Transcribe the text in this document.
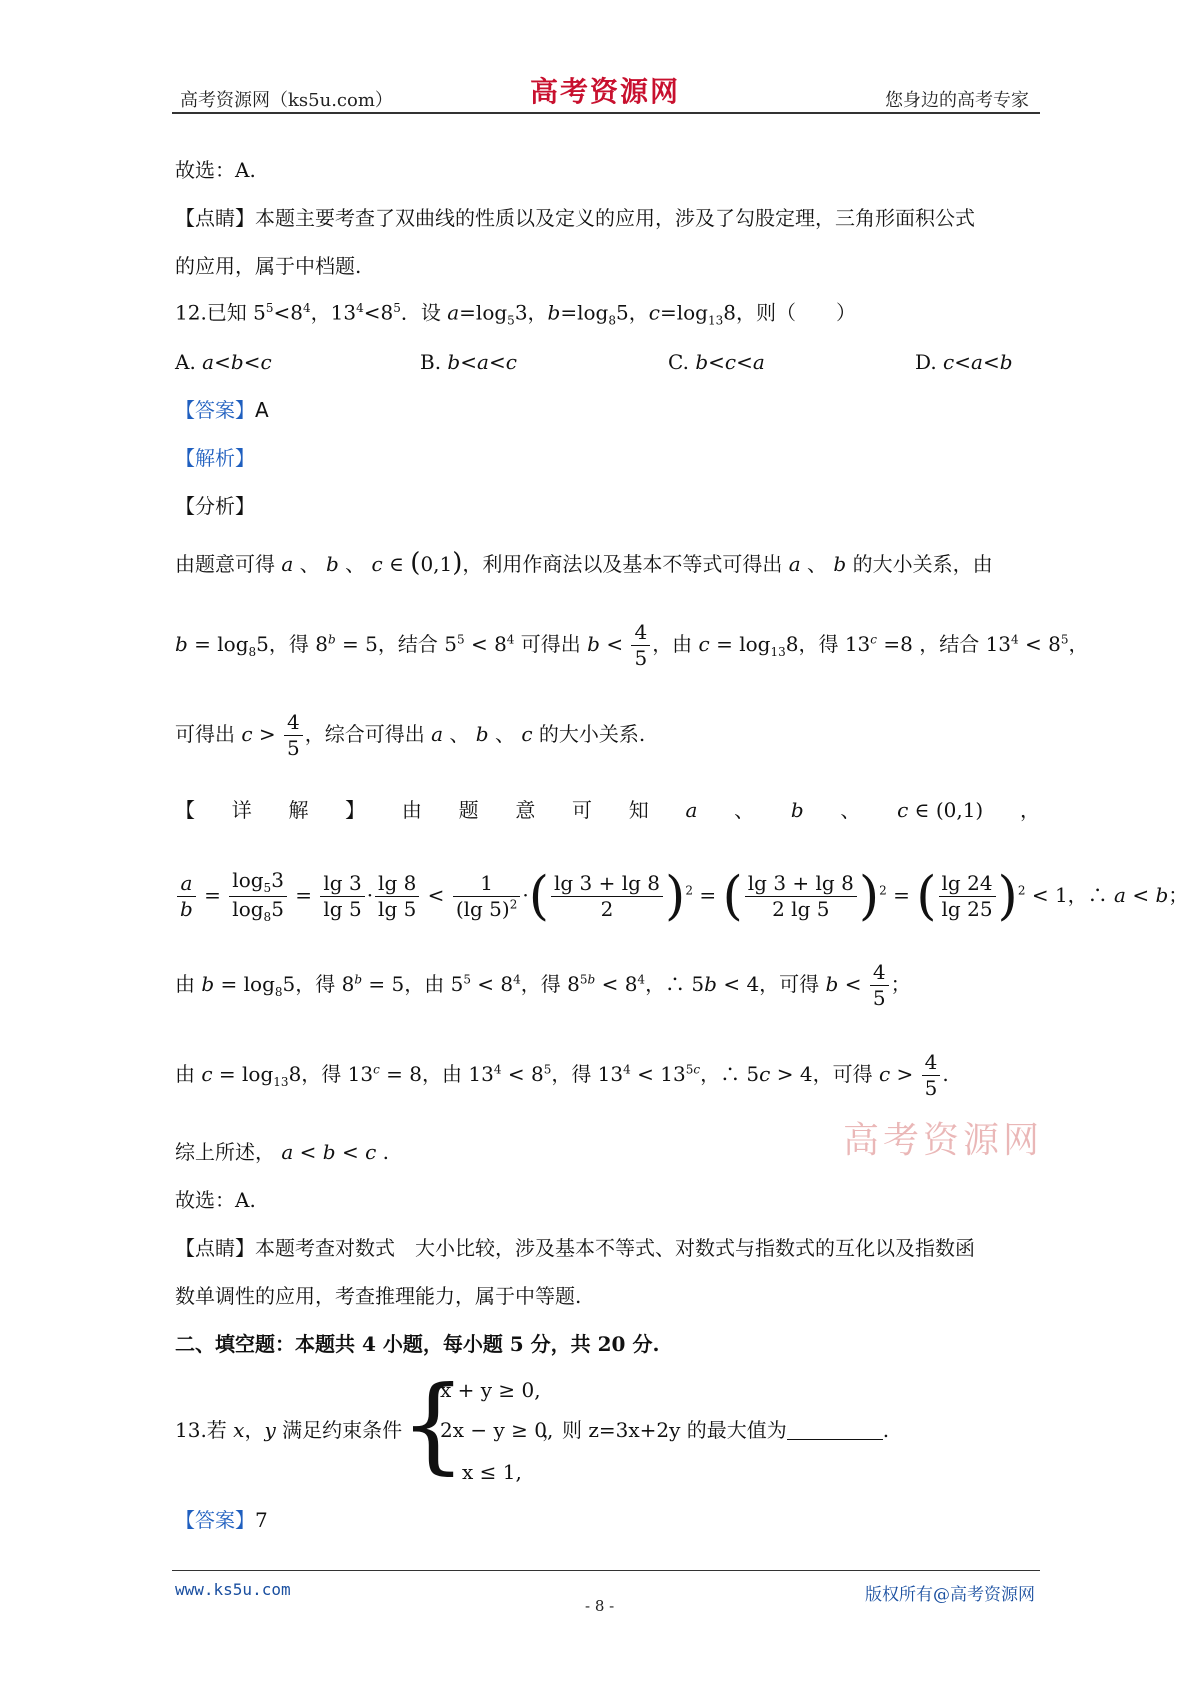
高考资源网（ks5u.com）	高考资源网	您身边的高考专家
故选：A.
【点睛】本题主要考查了双曲线的性质以及定义的应用，涉及了勾股定理，三角形面积公式
的应用，属于中档题.
12.已知 $5^5<8^4$，$13^4<8^5$．设 $a=\log_53$，$b=\log_85$，$c=\log_{13}8$，则（　　）
A. a<b<c	B. b<a<c	C. b<c<a	D. c<a<b
【答案】A
【解析】
【分析】
由题意可得 a 、 b 、 c ∈ (0,1)，利用作商法以及基本不等式可得出 a 、 b 的大小关系，由
$b = \log_85$，得 $8^b = 5$，结合 $5^5 < 8^4$ 可得出 $b < \frac{4}{5}$ ，由 $c = \log_{13}8$，得 $13^c =8$ ，结合 $13^4 < 8^5$，
可得出 $c > \frac{4}{5}$ ，综合可得出 a 、 b 、 c 的大小关系.
【 详 解 】 由 题 意 可 知 a 、 b 、 c ∈ (0,1) ，
$\frac{a}{b} = \frac{\log_53}{\log_85} = \frac{\lg 3}{\lg 5} \cdot \frac{\lg 8}{\lg 5} < \frac{1}{(\lg 5)^2}$ ·( $\frac{\lg 3 + \lg 8}{2} )^2$ = ( $\frac{\lg 3 + \lg 8}{2 \lg 5} )^2$ = ( $\frac{\lg 24}{\lg 25} )^2 < 1$，∴ a < b；
由 $b = \log_85$，得 $8^b = 5$，由 $5^5 < 8^4$，得 $8^{5b} < 8^4$，∴ 5b < 4，可得 $b < \frac{4}{5}$ ；
由 $c = \log_{13}8$，得 $13^c = 8$，由 $13^4 < 8^5$，得 $13^4 < 13^{5c}$，∴ 5c > 4，可得 $c > \frac{4}{5}$ .
高考资源网
综上所述， a < b < c .
故选：A.
【点睛】本题考查对数式　大小比较，涉及基本不等式、对数式与指数式的互化以及指数函
数单调性的应用，考查推理能力，属于中等题.
二、填空题：本题共 4 小题，每小题 5 分，共 20 分.
13.若 x，y 满足约束条件
{
x + y ≥ 0,
2x − y ≥ 0,
x ≤ 1,
，则 z=3x+2y 的最大值为	.
【答案】7
www.ks5u.com
- 8 -
版权所有@高考资源网
